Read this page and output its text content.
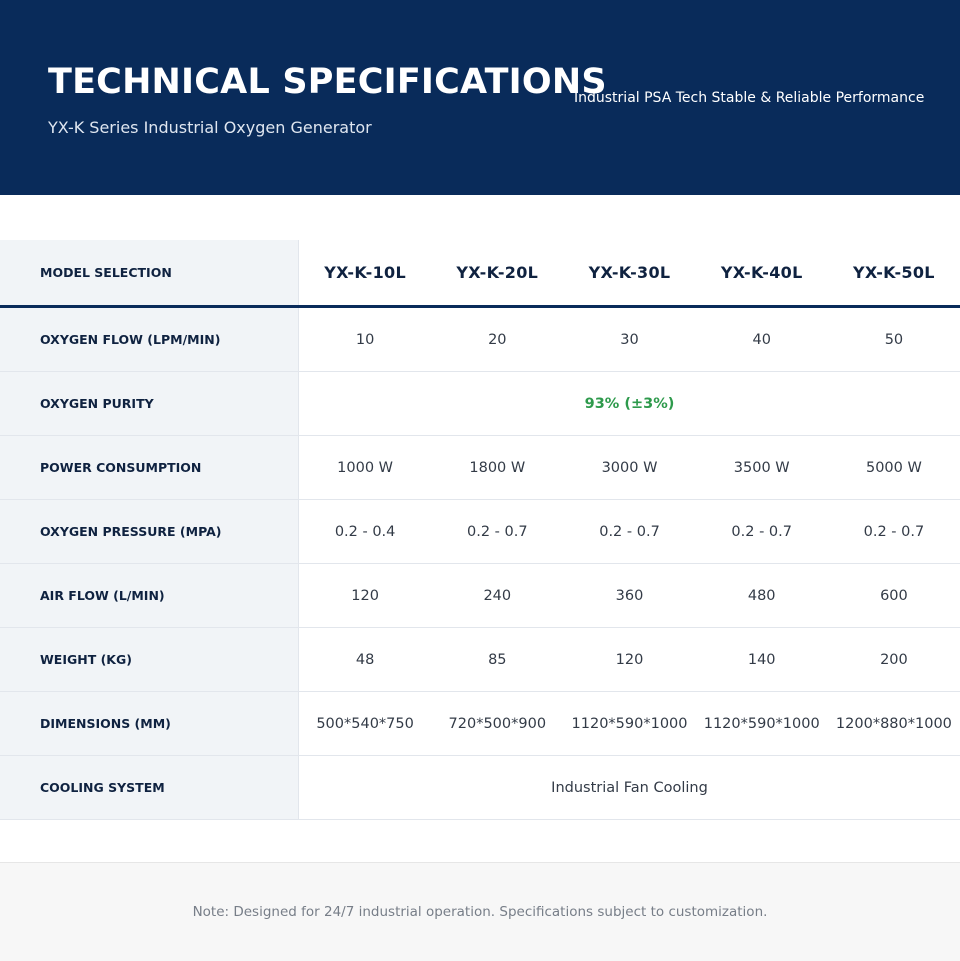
TECHNICAL SPECIFICATIONS
Industrial PSA Tech Stable & Reliable Performance
YX-K Series Industrial Oxygen Generator
MODEL SELECTION	YX-K-10L	YX-K-20L	YX-K-30L	YX-K-40L	YX-K-50L
OXYGEN FLOW (LPM/MIN)	10	20	30	40	50
OXYGEN PURITY	93% (±3%)
POWER CONSUMPTION	1000 W	1800 W	3000 W	3500 W	5000 W
OXYGEN PRESSURE (MPA)	0.2 - 0.4	0.2 - 0.7	0.2 - 0.7	0.2 - 0.7	0.2 - 0.7
AIR FLOW (L/MIN)	120	240	360	480	600
WEIGHT (KG)	48	85	120	140	200
DIMENSIONS (MM)	500*540*750	720*500*900	1120*590*1000	1120*590*1000	1200*880*1000
COOLING SYSTEM	Industrial Fan Cooling
Note: Designed for 24/7 industrial operation. Specifications subject to customization.
